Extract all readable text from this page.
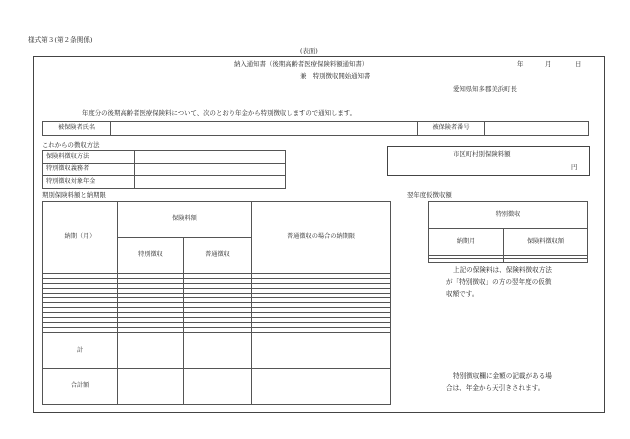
様式第３(第２条関係)
(表面)
納入通知書（後期高齢者医療保険料額通知書）
兼　特別徴収開始通知書
年	月	日
愛知県知多郡美浜町長
年度分の後期高齢者医療保険料について、次のとおり年金から特別徴収しますので通知します。
被保険者氏名		被保険者番号	
これからの徴収方法
保険料徴収方法	
特別徴収義務者	
特別徴収対象年金	
市区町村別保険料額
円
期別保険料額と納期限
納期（月）	保険料額		普通徴収の場合の納期限
	特別徴収	普通徴収	

計			
合計額			
翌年度仮徴収額
特別徴収	
納期月	保険料徴収額

上記の保険料は、保険料徴収方法
が「特別徴収」の方の翌年度の仮徴
収額です。
特別徴収欄に金額の記載がある場
合は、年金から天引きされます。
